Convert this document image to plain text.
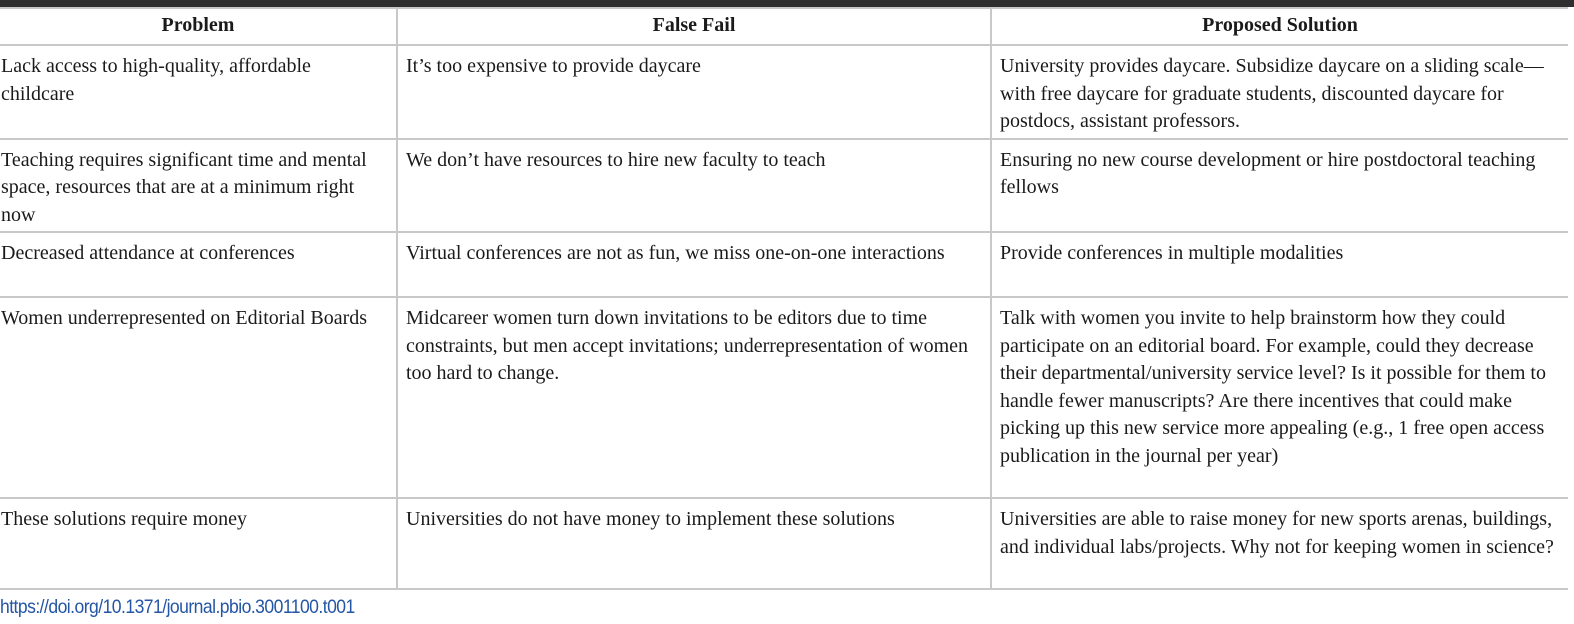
Problem	False Fail	Proposed Solution
Lack access to high-quality, affordable childcare	It’s too expensive to provide daycare	University provides daycare. Subsidize daycare on a sliding scale—with free daycare for graduate students, discounted daycare for postdocs, assistant professors.
Teaching requires significant time and mental space, resources that are at a minimum right now	We don’t have resources to hire new faculty to teach	Ensuring no new course development or hire postdoctoral teaching fellows
Decreased attendance at conferences	Virtual conferences are not as fun, we miss one-on-one interactions	Provide conferences in multiple modalities
Women underrepresented on Editorial Boards	Midcareer women turn down invitations to be editors due to time constraints, but men accept invitations; underrepresentation of women too hard to change.	Talk with women you invite to help brainstorm how they could participate on an editorial board. For example, could they decrease their departmental/university service level? Is it possible for them to handle fewer manuscripts? Are there incentives that could make picking up this new service more appealing (e.g., 1 free open access publication in the journal per year)
These solutions require money	Universities do not have money to implement these solutions	Universities are able to raise money for new sports arenas, buildings, and individual labs/projects. Why not for keeping women in science?
https://doi.org/10.1371/journal.pbio.3001100.t001
